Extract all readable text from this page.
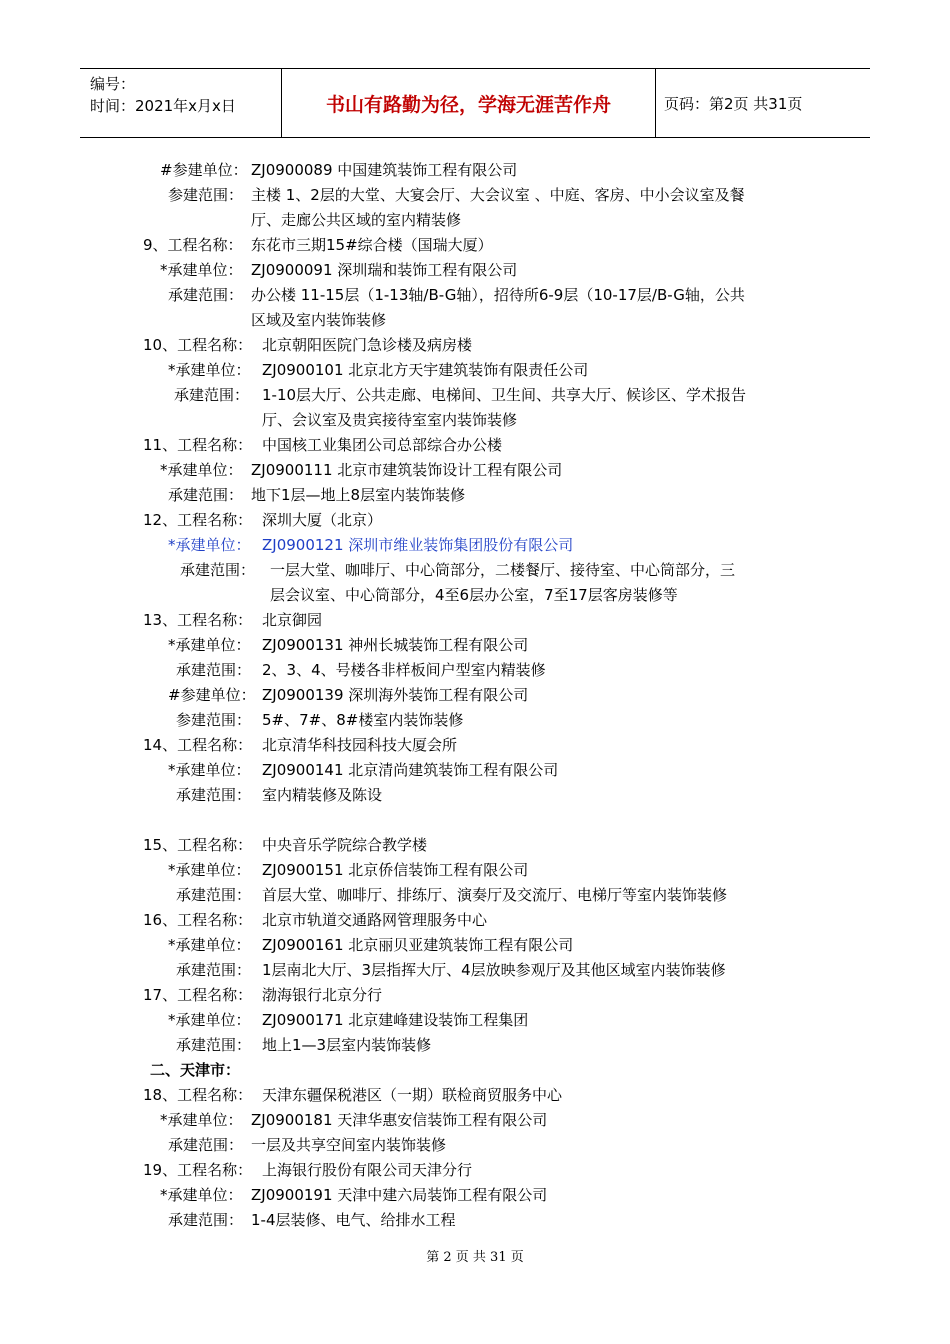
编号：
时间：2021年x月x日	书山有路勤为径，学海无涯苦作舟	页码：第2页 共31页
#参建单位： ZJ0900089 中国建筑装饰工程有限公司
参建范围： 主楼 1、2层的大堂、大宴会厅、大会议室 、中庭、客房、中小会议室及餐
厅、走廊公共区域的室内精装修
9、工程名称： 东花市三期15#综合楼（国瑞大厦）
*承建单位： ZJ0900091 深圳瑞和装饰工程有限公司
承建范围： 办公楼 11-15层（1-13轴/B-G轴），招待所6-9层（10-17层/B-G轴，公共
区域及室内装饰装修
10、工程名称： 北京朝阳医院门急诊楼及病房楼
*承建单位： ZJ0900101 北京北方天宇建筑装饰有限责任公司
承建范围： 1-10层大厅、公共走廊、电梯间、卫生间、共享大厅、候诊区、学术报告
厅、会议室及贵宾接待室室内装饰装修
11、工程名称： 中国核工业集团公司总部综合办公楼
*承建单位： ZJ0900111 北京市建筑装饰设计工程有限公司
承建范围： 地下1层—地上8层室内装饰装修
12、工程名称： 深圳大厦（北京）
*承建单位： ZJ0900121 深圳市维业装饰集团股份有限公司
承建范围： 一层大堂、咖啡厅、中心筒部分，二楼餐厅、接待室、中心筒部分，三
层会议室、中心筒部分，4至6层办公室，7至17层客房装修等
13、工程名称： 北京御园
*承建单位： ZJ0900131 神州长城装饰工程有限公司
承建范围： 2、3、4、号楼各非样板间户型室内精装修
#参建单位： ZJ0900139 深圳海外装饰工程有限公司
参建范围： 5#、7#、8#楼室内装饰装修
14、工程名称： 北京清华科技园科技大厦会所
*承建单位： ZJ0900141 北京清尚建筑装饰工程有限公司
承建范围： 室内精装修及陈设
15、工程名称： 中央音乐学院综合教学楼
*承建单位： ZJ0900151 北京侨信装饰工程有限公司
承建范围： 首层大堂、咖啡厅、排练厅、演奏厅及交流厅、电梯厅等室内装饰装修
16、工程名称： 北京市轨道交通路网管理服务中心
*承建单位： ZJ0900161 北京丽贝亚建筑装饰工程有限公司
承建范围： 1层南北大厅、3层指挥大厅、4层放映参观厅及其他区域室内装饰装修
17、工程名称： 渤海银行北京分行
*承建单位： ZJ0900171 北京建峰建设装饰工程集团
承建范围： 地上1—3层室内装饰装修
二、天津市：
18、工程名称： 天津东疆保税港区（一期）联检商贸服务中心
*承建单位： ZJ0900181 天津华惠安信装饰工程有限公司
承建范围： 一层及共享空间室内装饰装修
19、工程名称： 上海银行股份有限公司天津分行
*承建单位： ZJ0900191 天津中建六局装饰工程有限公司
承建范围： 1-4层装修、电气、给排水工程
第 2 页 共 31 页
